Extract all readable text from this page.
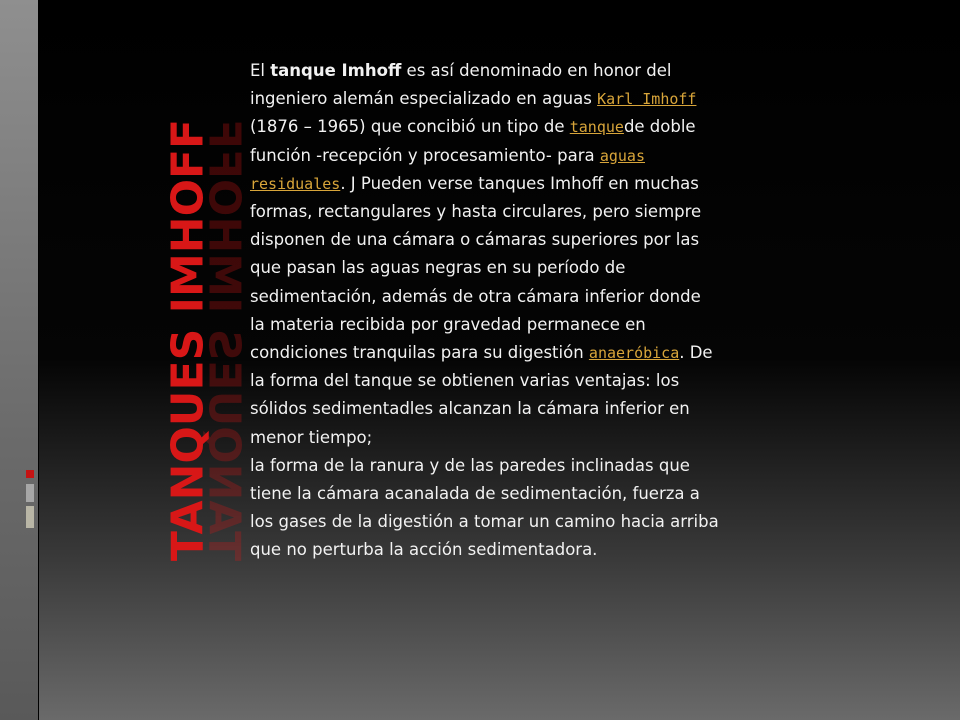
TANQUES IMHOFF
TANQUES IMHOFF
El tanque Imhoff es así denominado en honor del ingeniero alemán especializado en aguas Karl Imhoff (1876 – 1965) que concibió un tipo de tanquede doble función -recepción y procesamiento- para aguas residuales. J Pueden verse tanques Imhoff en muchas formas, rectangulares y hasta circulares, pero siempre disponen de una cámara o cámaras superiores por las que pasan las aguas negras en su período de sedimentación, además de otra cámara inferior donde la materia recibida por gravedad permanece en condiciones tranquilas para su digestión anaeróbica. De la forma del tanque se obtienen varias ventajas: los sólidos sedimentadles alcanzan la cámara inferior en menor tiempo;
la forma de la ranura y de las paredes inclinadas que tiene la cámara acanalada de sedimentación, fuerza a los gases de la digestión a tomar un camino hacia arriba que no perturba la acción sedimentadora.
